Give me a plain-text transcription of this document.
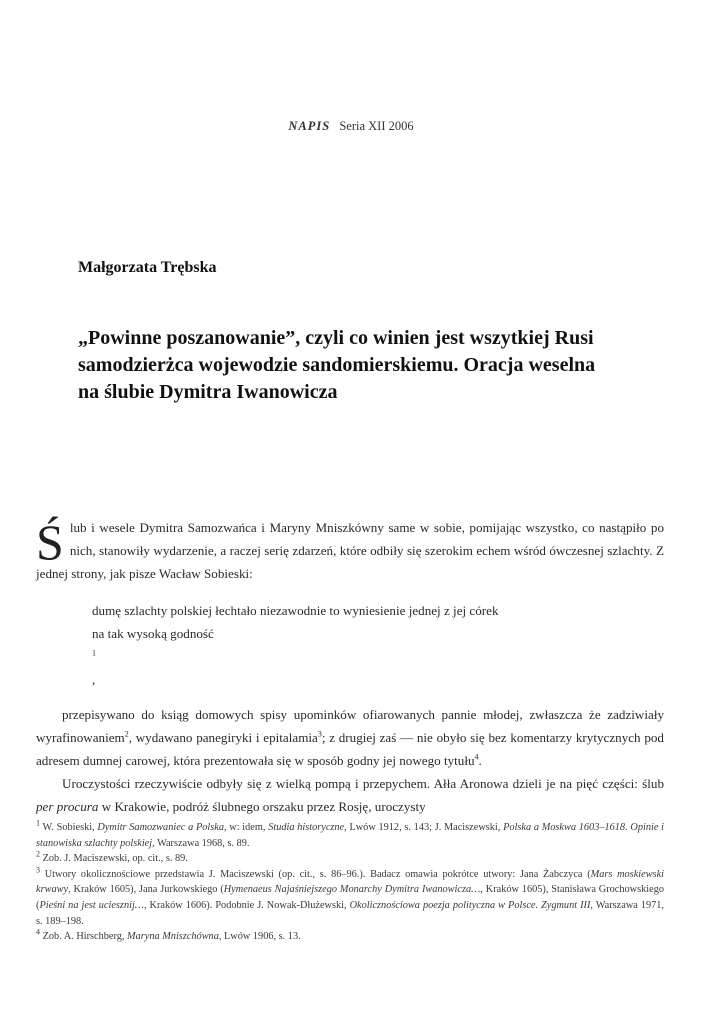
NAPIS Seria XII 2006
Małgorzata Trębska
„Powinne poszanowanie”, czyli co winien jest wszytkiej Rusi samodzierżca wojewodzie sandomierskiemu. Oracja weselna na ślubie Dymitra Iwanowicza

Ślub i wesele Dymitra Samozwańca i Maryny Mniszkówny same w sobie, pomijając wszystko, co nastąpiło po nich, stanowiły wydarzenie, a raczej serię zdarzeń, które odbiły się szerokim echem wśród ówczesnej szlachty. Z jednej strony, jak pisze Wacław Sobieski:

dumę szlachty polskiej łechtało niezawodnie to wyniesienie jednej z jej córek
na tak wysoką godność
$^1$
,

przepisywano do ksiąg domowych spisy upominków ofiarowanych pannie młodej, zwłaszcza że zadziwiały wyrafinowaniem$^2$, wydawano panegiryki i epitalamia$^3$; z drugiej zaś — nie obyło się bez komentarzy krytycznych pod adresem dumnej carowej, która prezentowała się w sposób godny jej nowego tytułu$^4$.

Uroczystości rzeczywiście odbyły się z wielką pompą i przepychem. Ałła Aronowa dzieli je na pięć części: ślub per procura w Krakowie, podróż ślubnego orszaku przez Rosję, uroczysty

$^1$ W. Sobieski, Dymitr Samozwaniec a Polska, w: idem, Studia historyczne, Lwów 1912, s. 143; J. Maciszewski, Polska a Moskwa 1603–1618. Opinie i stanowiska szlachty polskiej, Warszawa 1968, s. 89.

$^2$ Zob. J. Maciszewski, op. cit., s. 89.

$^3$ Utwory okolicznościowe przedstawia J. Maciszewski (op. cit., s. 86–96.). Badacz omawia pokrótce utwory: Jana Żabczyca (Mars moskiewski krwawy, Kraków 1605), Jana Jurkowskiego (Hymenaeus Najaśniejszego Monarchy Dymitra Iwanowicza…, Kraków 1605), Stanisława Grochowskiego (Pieśni na jest uciesznij…, Kraków 1606). Podobnie J. Nowak-Dłużewski, Okolicznościowa poezja polityczna w Polsce. Zygmunt III, Warszawa 1971, s. 189–198.

$^4$ Zob. A. Hirschberg, Maryna Mniszchówna, Lwów 1906, s. 13.
